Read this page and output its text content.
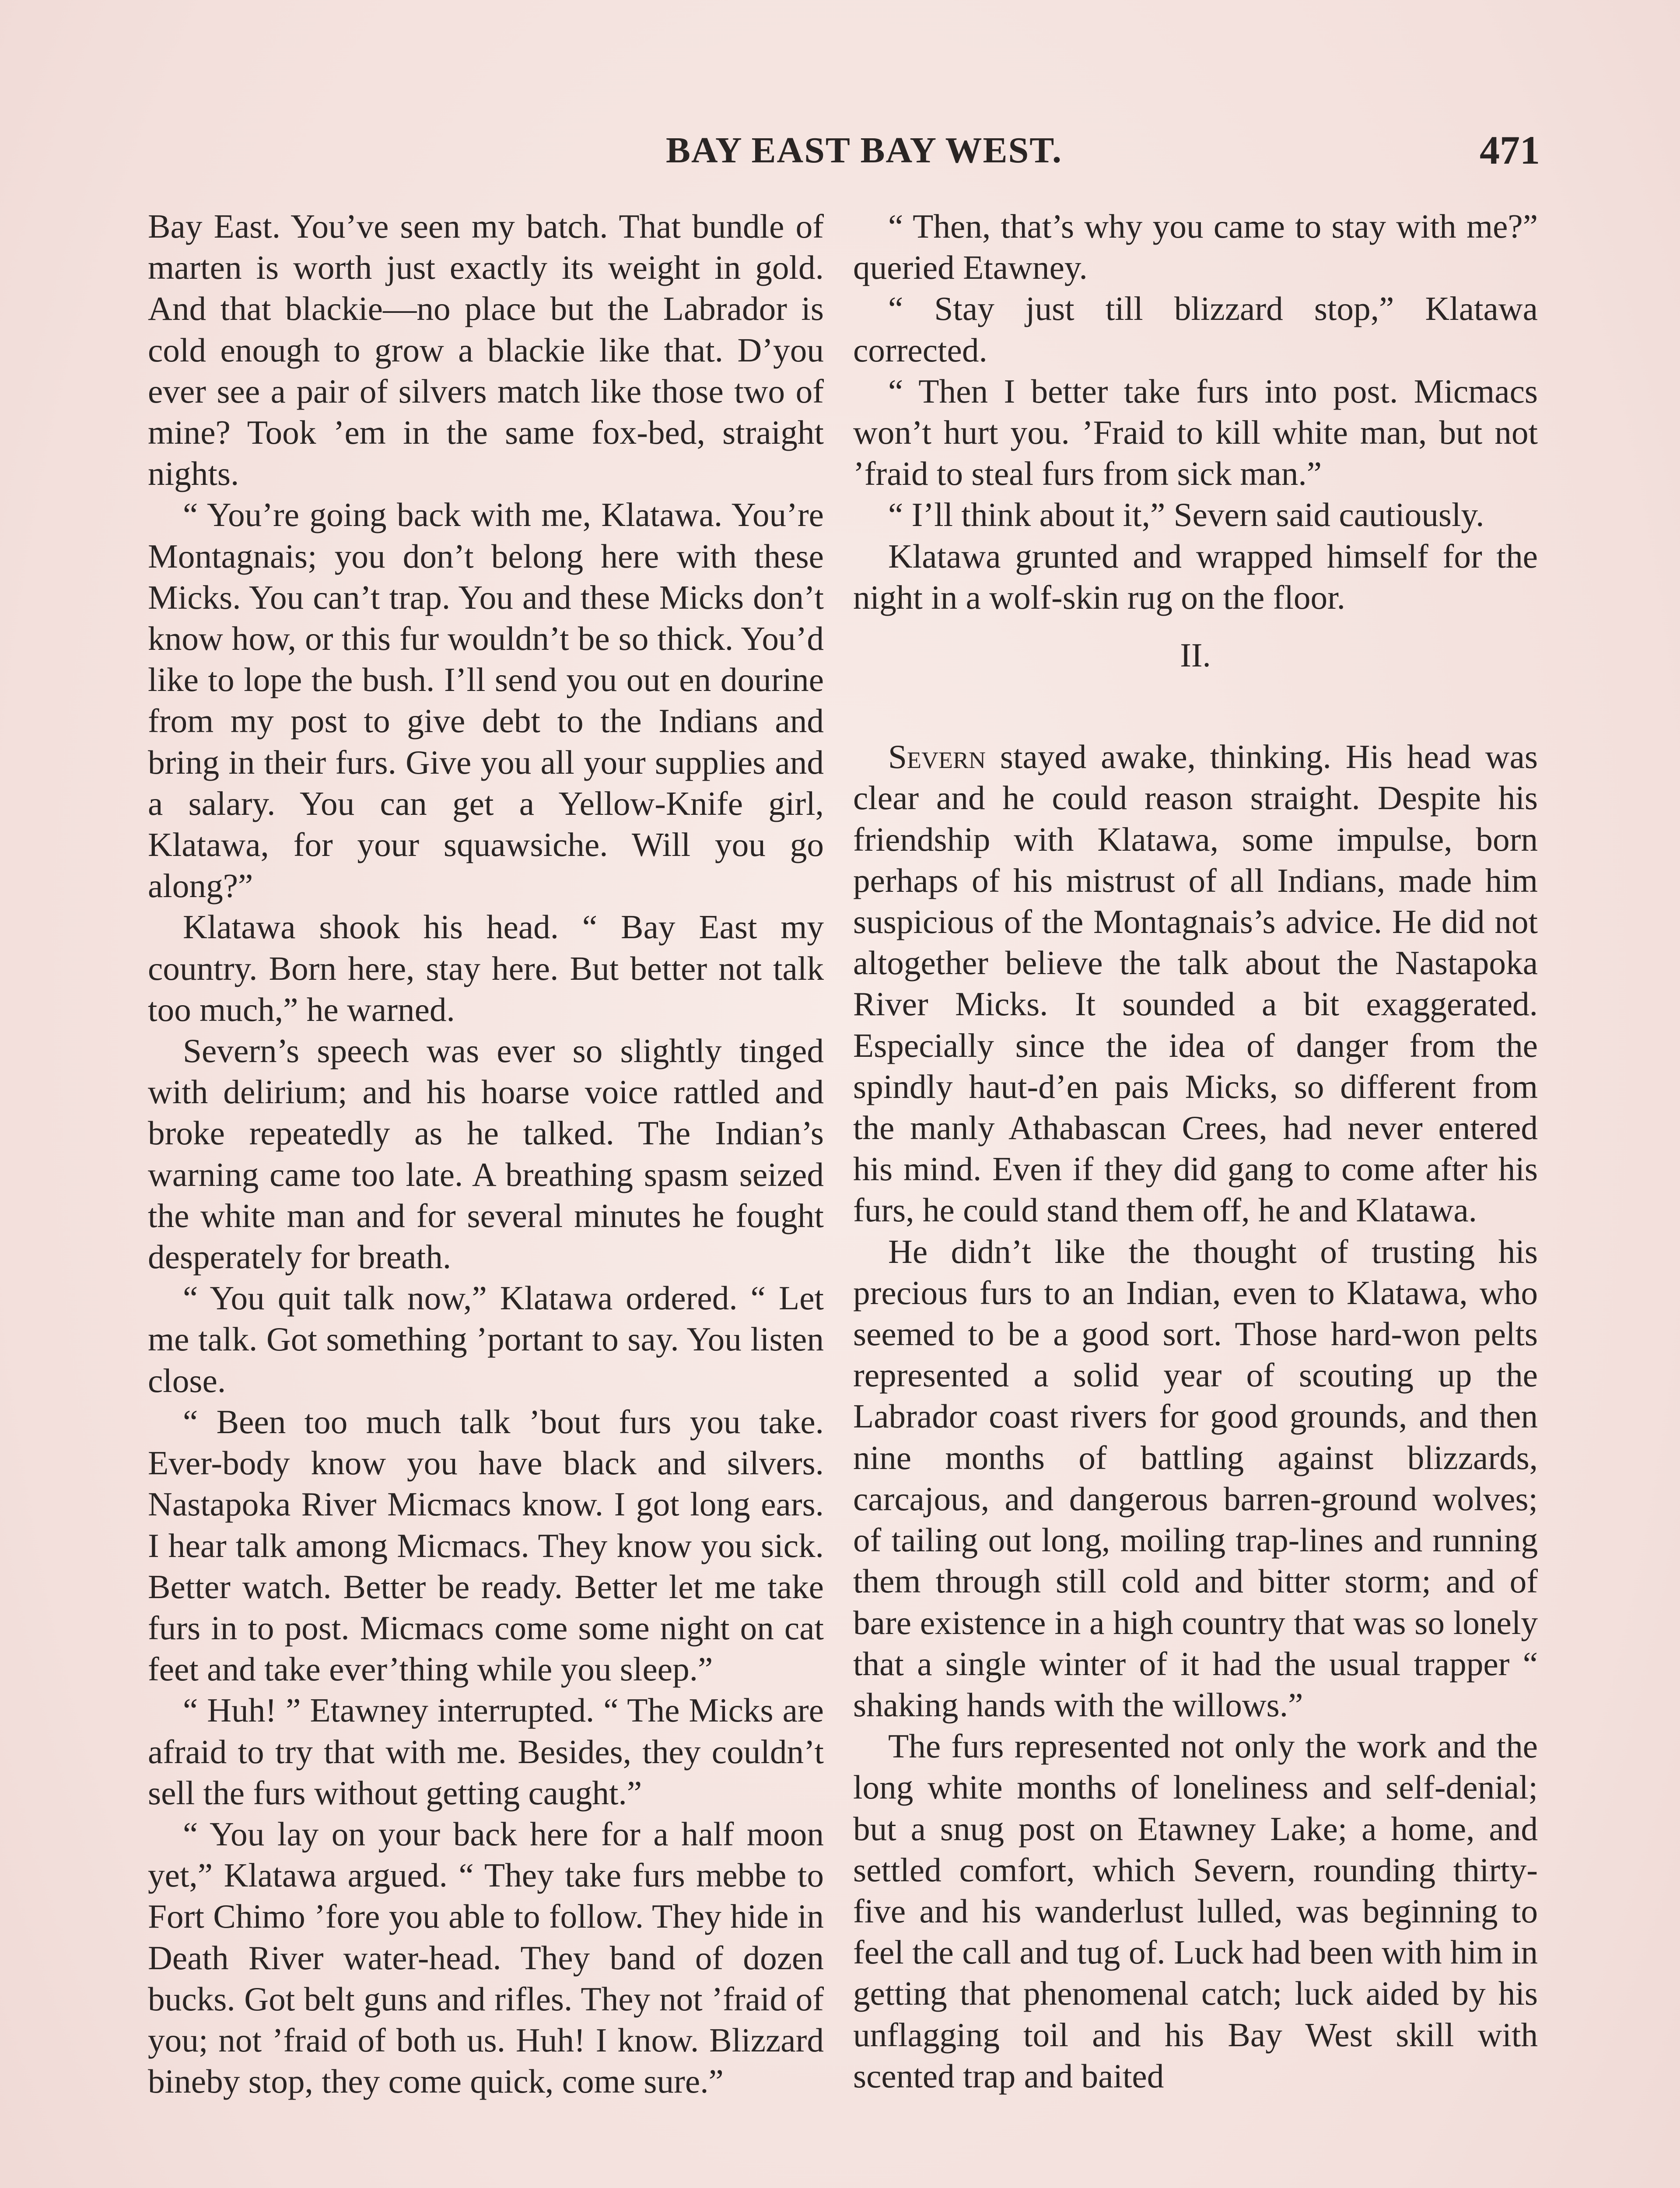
BAY EAST BAY WEST.	471

Bay East. You’ve seen my batch. That bundle of marten is worth just exactly its weight in gold. And that blackie—no place but the Labrador is cold enough to grow a blackie like that. D’you ever see a pair of silvers match like those two of mine? Took ’em in the same fox-bed, straight nights.

“ You’re going back with me, Klatawa. You’re Montagnais; you don’t belong here with these Micks. You can’t trap. You and these Micks don’t know how, or this fur wouldn’t be so thick. You’d like to lope the bush. I’ll send you out en dourine from my post to give debt to the Indians and bring in their furs. Give you all your supplies and a salary. You can get a Yellow-Knife girl, Klatawa, for your squawsiche. Will you go along?”

Klatawa shook his head. “ Bay East my country. Born here, stay here. But better not talk too much,” he warned.

Severn’s speech was ever so slightly tinged with delirium; and his hoarse voice rattled and broke repeatedly as he talked. The Indian’s warning came too late. A breathing spasm seized the white man and for several minutes he fought desperately for breath.

“ You quit talk now,” Klatawa ordered. “ Let me talk. Got something ’portant to say. You listen close.

“ Been too much talk ’bout furs you take. Ever-body know you have black and silvers. Nastapoka River Micmacs know. I got long ears. I hear talk among Micmacs. They know you sick. Better watch. Better be ready. Better let me take furs in to post. Micmacs come some night on cat feet and take ever’thing while you sleep.”

“ Huh! ” Etawney interrupted. “ The Micks are afraid to try that with me. Besides, they couldn’t sell the furs without getting caught.”

“ You lay on your back here for a half moon yet,” Klatawa argued. “ They take furs mebbe to Fort Chimo ’fore you able to follow. They hide in Death River water-head. They band of dozen bucks. Got belt guns and rifles. They not ’fraid of you; not ’fraid of both us. Huh! I know. Blizzard bineby stop, they come quick, come sure.”

“ Then, that’s why you came to stay with me?” queried Etawney.

“ Stay just till blizzard stop,” Klatawa corrected.

“ Then I better take furs into post. Micmacs won’t hurt you. ’Fraid to kill white man, but not ’fraid to steal furs from sick man.”

“ I’ll think about it,” Severn said cautiously.

Klatawa grunted and wrapped himself for the night in a wolf-skin rug on the floor.

II.

Severn stayed awake, thinking. His head was clear and he could reason straight. Despite his friendship with Klatawa, some impulse, born perhaps of his mistrust of all Indians, made him suspicious of the Montagnais’s advice. He did not altogether believe the talk about the Nastapoka River Micks. It sounded a bit exaggerated. Especially since the idea of danger from the spindly haut-d’en pais Micks, so different from the manly Athabascan Crees, had never entered his mind. Even if they did gang to come after his furs, he could stand them off, he and Klatawa.

He didn’t like the thought of trusting his precious furs to an Indian, even to Klatawa, who seemed to be a good sort. Those hard-won pelts represented a solid year of scouting up the Labrador coast rivers for good grounds, and then nine months of battling against blizzards, carcajous, and dangerous barren-ground wolves; of tailing out long, moiling trap-lines and running them through still cold and bitter storm; and of bare existence in a high country that was so lonely that a single winter of it had the usual trapper “ shaking hands with the willows.”

The furs represented not only the work and the long white months of loneliness and self-denial; but a snug post on Etawney Lake; a home, and settled comfort, which Severn, rounding thirty-five and his wanderlust lulled, was beginning to feel the call and tug of. Luck had been with him in getting that phenomenal catch; luck aided by his unflagging toil and his Bay West skill with scented trap and baited
